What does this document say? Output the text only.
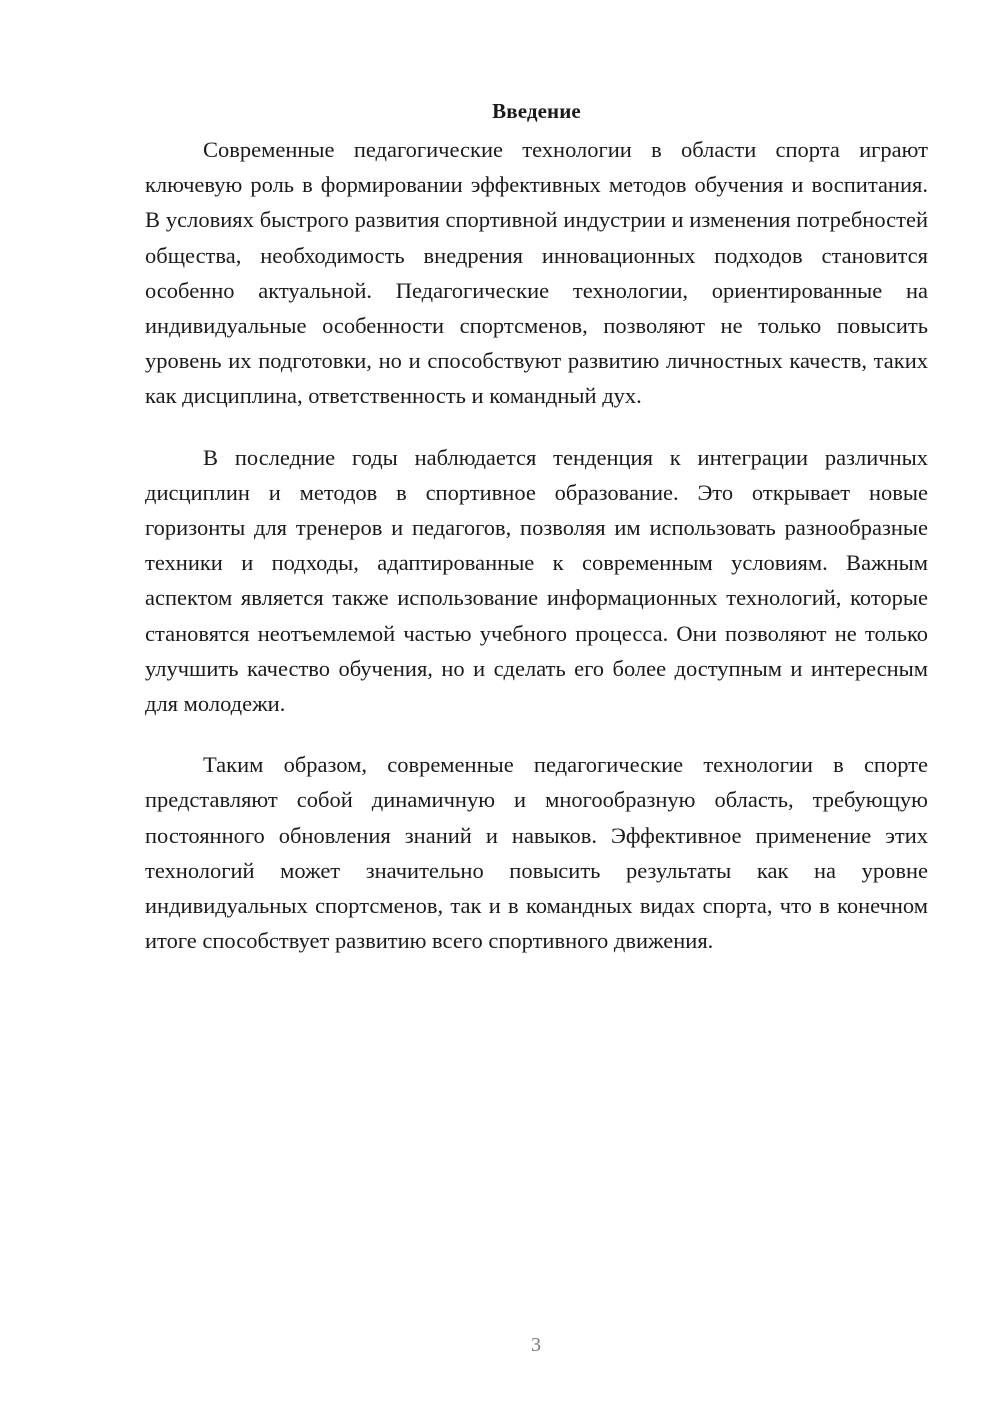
Введение

Современные педагогические технологии в области спорта играют ключевую роль в формировании эффективных методов обучения и воспитания. В условиях быстрого развития спортивной индустрии и изменения потребностей общества, необходимость внедрения инновационных подходов становится особенно актуальной. Педагогические технологии, ориентированные на индивидуальные особенности спортсменов, позволяют не только повысить уровень их подготовки, но и способствуют развитию личностных качеств, таких как дисциплина, ответственность и командный дух.

В последние годы наблюдается тенденция к интеграции различных дисциплин и методов в спортивное образование. Это открывает новые горизонты для тренеров и педагогов, позволяя им использовать разнообразные техники и подходы, адаптированные к современным условиям. Важным аспектом является также использование информационных технологий, которые становятся неотъемлемой частью учебного процесса. Они позволяют не только улучшить качество обучения, но и сделать его более доступным и интересным для молодежи.

Таким образом, современные педагогические технологии в спорте представляют собой динамичную и многообразную область, требующую постоянного обновления знаний и навыков. Эффективное применение этих технологий может значительно повысить результаты как на уровне индивидуальных спортсменов, так и в командных видах спорта, что в конечном итоге способствует развитию всего спортивного движения.

3
